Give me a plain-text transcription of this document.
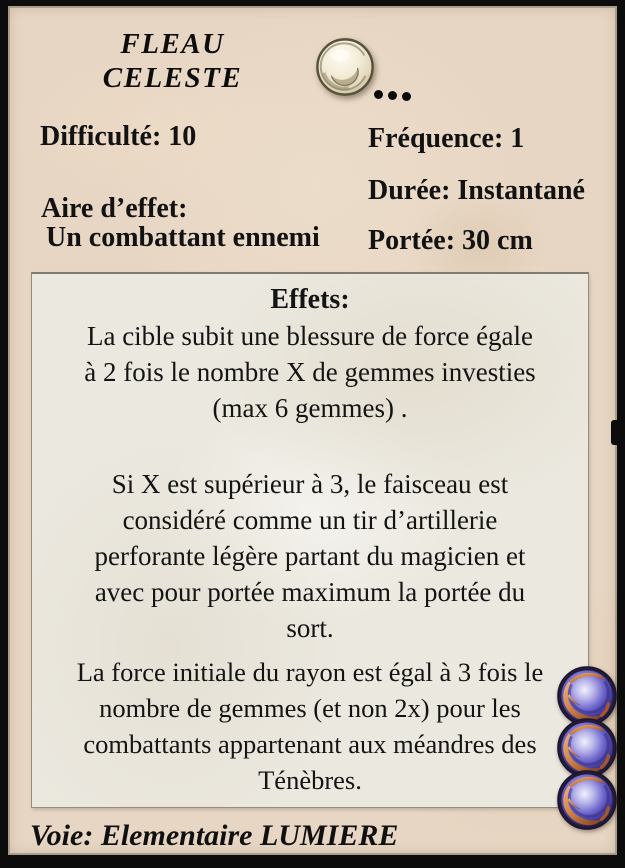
FLEAU
CELESTE
Difficulté: 10	Fréquence: 1
Aire d’effet:
Un combattant ennemi
Durée: Instantané
Portée: 30 cm
Effets:

La cible subit une blessure de force égale
à 2 fois le nombre X de gemmes investies
(max 6 gemmes) .

Si X est supérieur à 3, le faisceau est
considéré comme un tir d’artillerie
perforante légère partant du magicien et
avec pour portée maximum la portée du
sort.

La force initiale du rayon est égal à 3 fois le
nombre de gemmes (et non 2x) pour les
combattants appartenant aux méandres des
Ténèbres.

Voie: Elementaire LUMIERE
